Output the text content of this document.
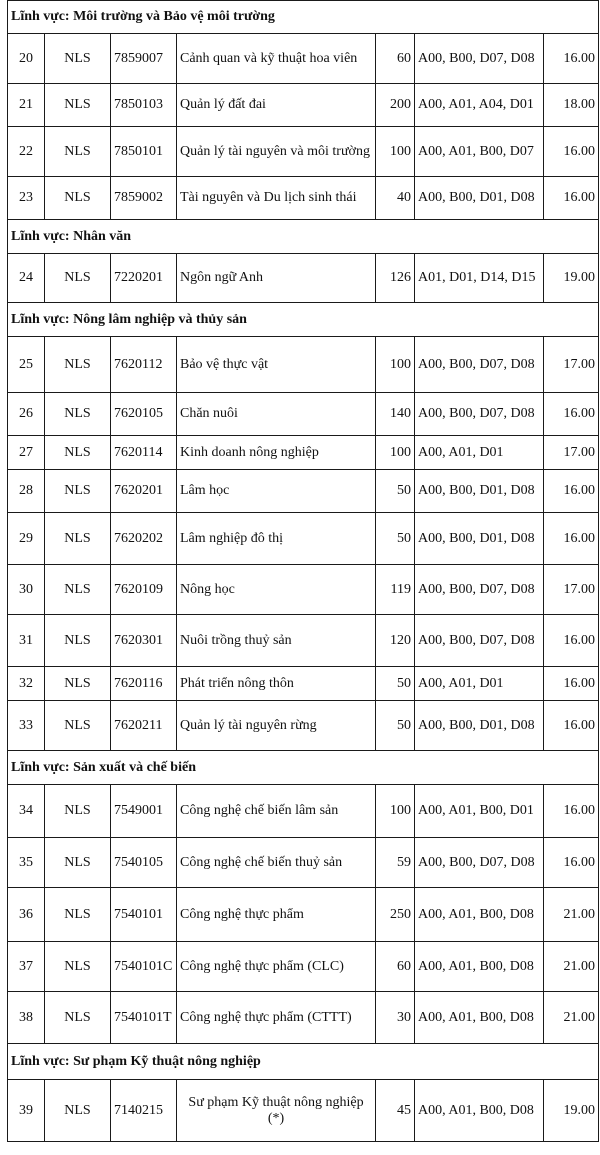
Lĩnh vực: Môi trường và Bảo vệ môi trường						
20	NLS	7859007	Cảnh quan và kỹ thuật hoa viên	60	A00, B00, D07, D08	16.00
21	NLS	7850103	Quản lý đất đai	200	A00, A01, A04, D01	18.00
22	NLS	7850101	Quản lý tài nguyên và môi trường	100	A00, A01, B00, D07	16.00
23	NLS	7859002	Tài nguyên và Du lịch sinh thái	40	A00, B00, D01, D08	16.00
Lĩnh vực: Nhân văn						
24	NLS	7220201	Ngôn ngữ Anh	126	A01, D01, D14, D15	19.00
Lĩnh vực: Nông lâm nghiệp và thủy sản						
25	NLS	7620112	Bảo vệ thực vật	100	A00, B00, D07, D08	17.00
26	NLS	7620105	Chăn nuôi	140	A00, B00, D07, D08	16.00
27	NLS	7620114	Kinh doanh nông nghiệp	100	A00, A01, D01	17.00
28	NLS	7620201	Lâm học	50	A00, B00, D01, D08	16.00
29	NLS	7620202	Lâm nghiệp đô thị	50	A00, B00, D01, D08	16.00
30	NLS	7620109	Nông học	119	A00, B00, D07, D08	17.00
31	NLS	7620301	Nuôi trồng thuỷ sản	120	A00, B00, D07, D08	16.00
32	NLS	7620116	Phát triển nông thôn	50	A00, A01, D01	16.00
33	NLS	7620211	Quản lý tài nguyên rừng	50	A00, B00, D01, D08	16.00
Lĩnh vực: Sản xuất và chế biến						
34	NLS	7549001	Công nghệ chế biến lâm sản	100	A00, A01, B00, D01	16.00
35	NLS	7540105	Công nghệ chế biến thuỷ sản	59	A00, B00, D07, D08	16.00
36	NLS	7540101	Công nghệ thực phẩm	250	A00, A01, B00, D08	21.00
37	NLS	7540101C	Công nghệ thực phẩm (CLC)	60	A00, A01, B00, D08	21.00
38	NLS	7540101T	Công nghệ thực phẩm (CTTT)	30	A00, A01, B00, D08	21.00
Lĩnh vực: Sư phạm Kỹ thuật nông nghiệp						
39	NLS	7140215	Sư phạm Kỹ thuật nông nghiệp (*)	45	A00, A01, B00, D08	19.00
